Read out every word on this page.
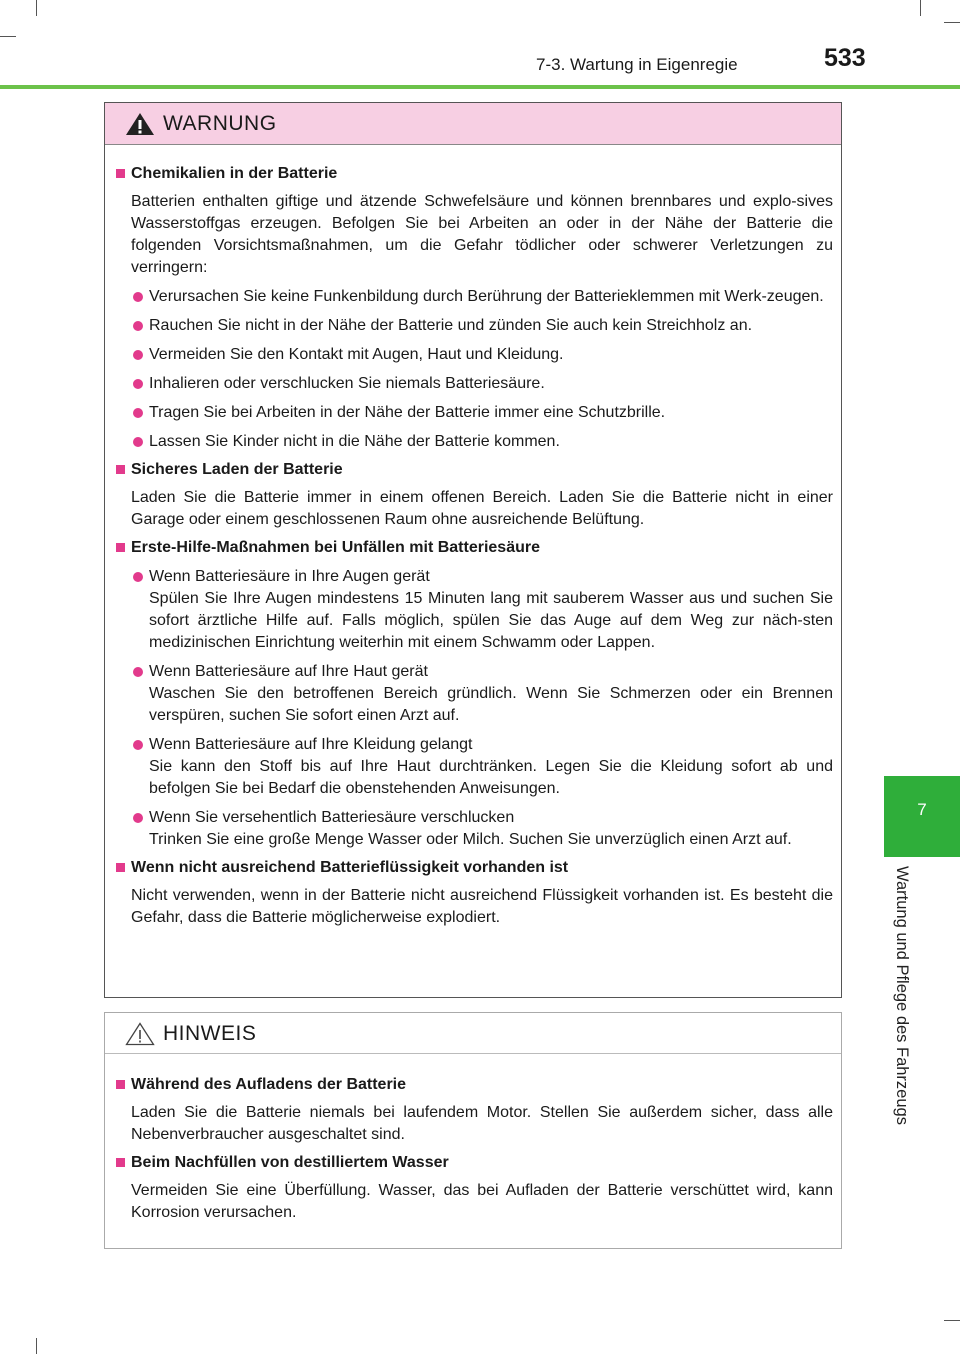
7-3. Wartung in Eigenregie	533
7
Wartung und Pflege des Fahrzeugs
WARNUNG
Chemikalien in der Batterie
Batterien enthalten giftige und ätzende Schwefelsäure und können brennbares und explo-sives Wasserstoffgas erzeugen. Befolgen Sie bei Arbeiten an oder in der Nähe der Batterie die folgenden Vorsichtsmaßnahmen, um die Gefahr tödlicher oder schwerer Verletzungen zu verringern:
Verursachen Sie keine Funkenbildung durch Berührung der Batterieklemmen mit Werk-zeugen.
Rauchen Sie nicht in der Nähe der Batterie und zünden Sie auch kein Streichholz an.
Vermeiden Sie den Kontakt mit Augen, Haut und Kleidung.
Inhalieren oder verschlucken Sie niemals Batteriesäure.
Tragen Sie bei Arbeiten in der Nähe der Batterie immer eine Schutzbrille.
Lassen Sie Kinder nicht in die Nähe der Batterie kommen.
Sicheres Laden der Batterie
Laden Sie die Batterie immer in einem offenen Bereich. Laden Sie die Batterie nicht in einer Garage oder einem geschlossenen Raum ohne ausreichende Belüftung.
Erste-Hilfe-Maßnahmen bei Unfällen mit Batteriesäure
Wenn Batteriesäure in Ihre Augen gerät
Spülen Sie Ihre Augen mindestens 15 Minuten lang mit sauberem Wasser aus und suchen Sie sofort ärztliche Hilfe auf. Falls möglich, spülen Sie das Auge auf dem Weg zur näch-sten medizinischen Einrichtung weiterhin mit einem Schwamm oder Lappen.
Wenn Batteriesäure auf Ihre Haut gerät
Waschen Sie den betroffenen Bereich gründlich. Wenn Sie Schmerzen oder ein Brennen verspüren, suchen Sie sofort einen Arzt auf.
Wenn Batteriesäure auf Ihre Kleidung gelangt
Sie kann den Stoff bis auf Ihre Haut durchtränken. Legen Sie die Kleidung sofort ab und befolgen Sie bei Bedarf die obenstehenden Anweisungen.
Wenn Sie versehentlich Batteriesäure verschlucken
Trinken Sie eine große Menge Wasser oder Milch. Suchen Sie unverzüglich einen Arzt auf.
Wenn nicht ausreichend Batterieflüssigkeit vorhanden ist
Nicht verwenden, wenn in der Batterie nicht ausreichend Flüssigkeit vorhanden ist. Es besteht die Gefahr, dass die Batterie möglicherweise explodiert.
HINWEIS
Während des Aufladens der Batterie
Laden Sie die Batterie niemals bei laufendem Motor. Stellen Sie außerdem sicher, dass alle Nebenverbraucher ausgeschaltet sind.
Beim Nachfüllen von destilliertem Wasser
Vermeiden Sie eine Überfüllung. Wasser, das bei Aufladen der Batterie verschüttet wird, kann Korrosion verursachen.
